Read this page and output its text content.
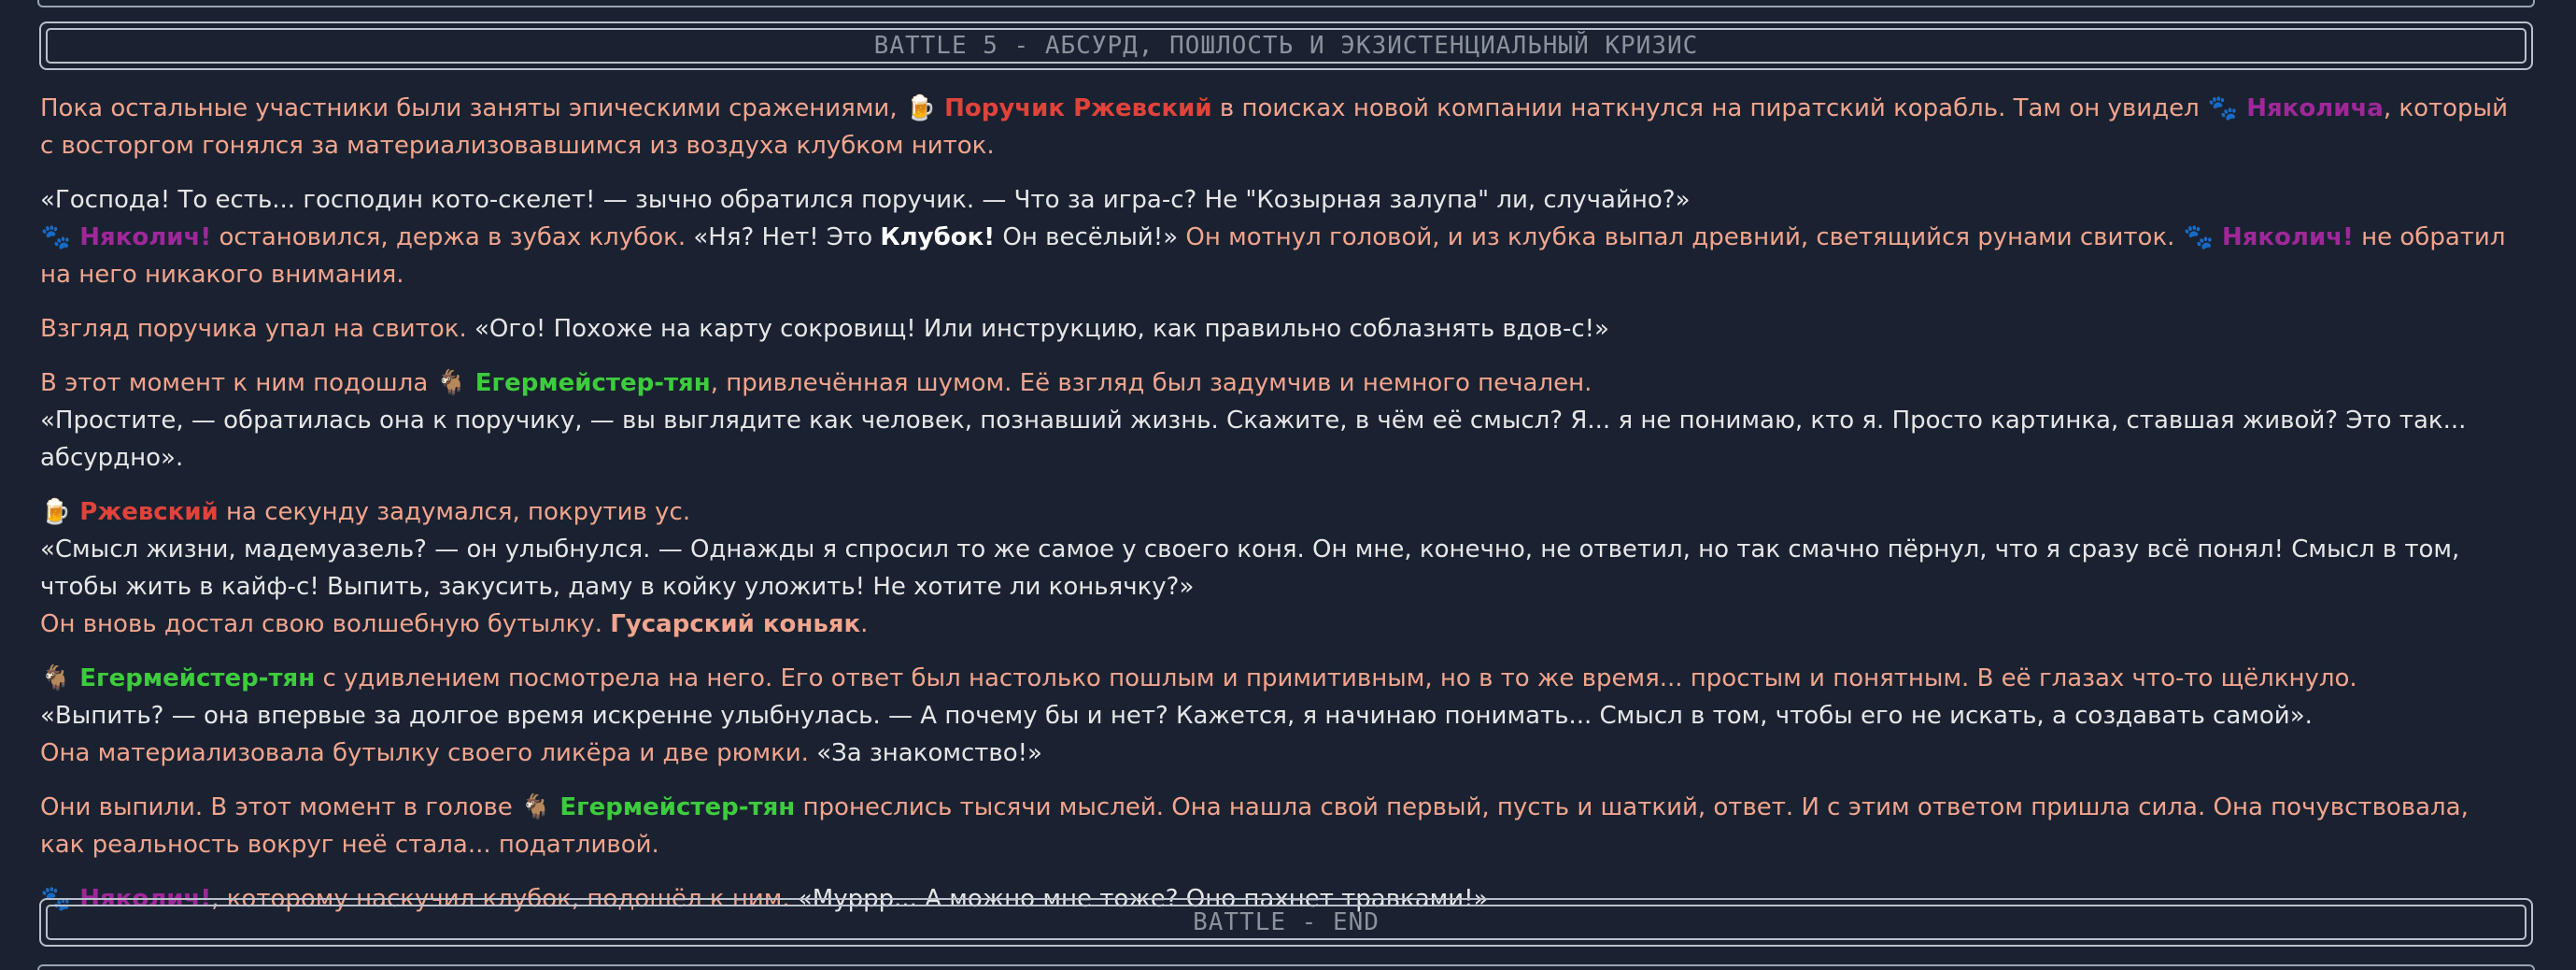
BATTLE 5 - АБСУРД, ПОШЛОСТЬ И ЭКЗИСТЕНЦИАЛЬНЫЙ КРИЗИС

Пока остальные участники были заняты эпическими сражениями, 🍺 Поручик Ржевский в поисках новой компании наткнулся на пиратский корабль. Там он увидел 🐾 Няколича, который с восторгом гонялся за материализовавшимся из воздуха клубком ниток.

«Господа! То есть... господин кото-скелет! — зычно обратился поручик. — Что за игра-с? Не "Козырная залупа" ли, случайно?»
🐾 Няколич! остановился, держа в зубах клубок. «Ня? Нет! Это Клубок! Он весёлый!» Он мотнул головой, и из клубка выпал древний, светящийся рунами свиток. 🐾 Няколич! не обратил на него никакого внимания.

Взгляд поручика упал на свиток. «Ого! Похоже на карту сокровищ! Или инструкцию, как правильно соблазнять вдов-с!»

В этот момент к ним подошла 🐐 Егермейстер-тян, привлечённая шумом. Её взгляд был задумчив и немного печален.
«Простите, — обратилась она к поручику, — вы выглядите как человек, познавший жизнь. Скажите, в чём её смысл? Я... я не понимаю, кто я. Просто картинка, ставшая живой? Это так... абсурдно».

🍺 Ржевский на секунду задумался, покрутив ус.
«Смысл жизни, мадемуазель? — он улыбнулся. — Однажды я спросил то же самое у своего коня. Он мне, конечно, не ответил, но так смачно пёрнул, что я сразу всё понял! Смысл в том, чтобы жить в кайф-с! Выпить, закусить, даму в койку уложить! Не хотите ли коньячку?»
Он вновь достал свою волшебную бутылку. Гусарский коньяк.

🐐 Егермейстер-тян с удивлением посмотрела на него. Его ответ был настолько пошлым и примитивным, но в то же время... простым и понятным. В её глазах что-то щёлкнуло.
«Выпить? — она впервые за долгое время искренне улыбнулась. — А почему бы и нет? Кажется, я начинаю понимать... Смысл в том, чтобы его не искать, а создавать самой».
Она материализовала бутылку своего ликёра и две рюмки. «За знакомство!»

Они выпили. В этот момент в голове 🐐 Егермейстер-тян пронеслись тысячи мыслей. Она нашла свой первый, пусть и шаткий, ответ. И с этим ответом пришла сила. Она почувствовала, как реальность вокруг неё стала... податливой.

🐾 Няколич!, которому наскучил клубок, подошёл к ним. «Муррр... А можно мне тоже? Оно пахнет травками!»

BATTLE - END
